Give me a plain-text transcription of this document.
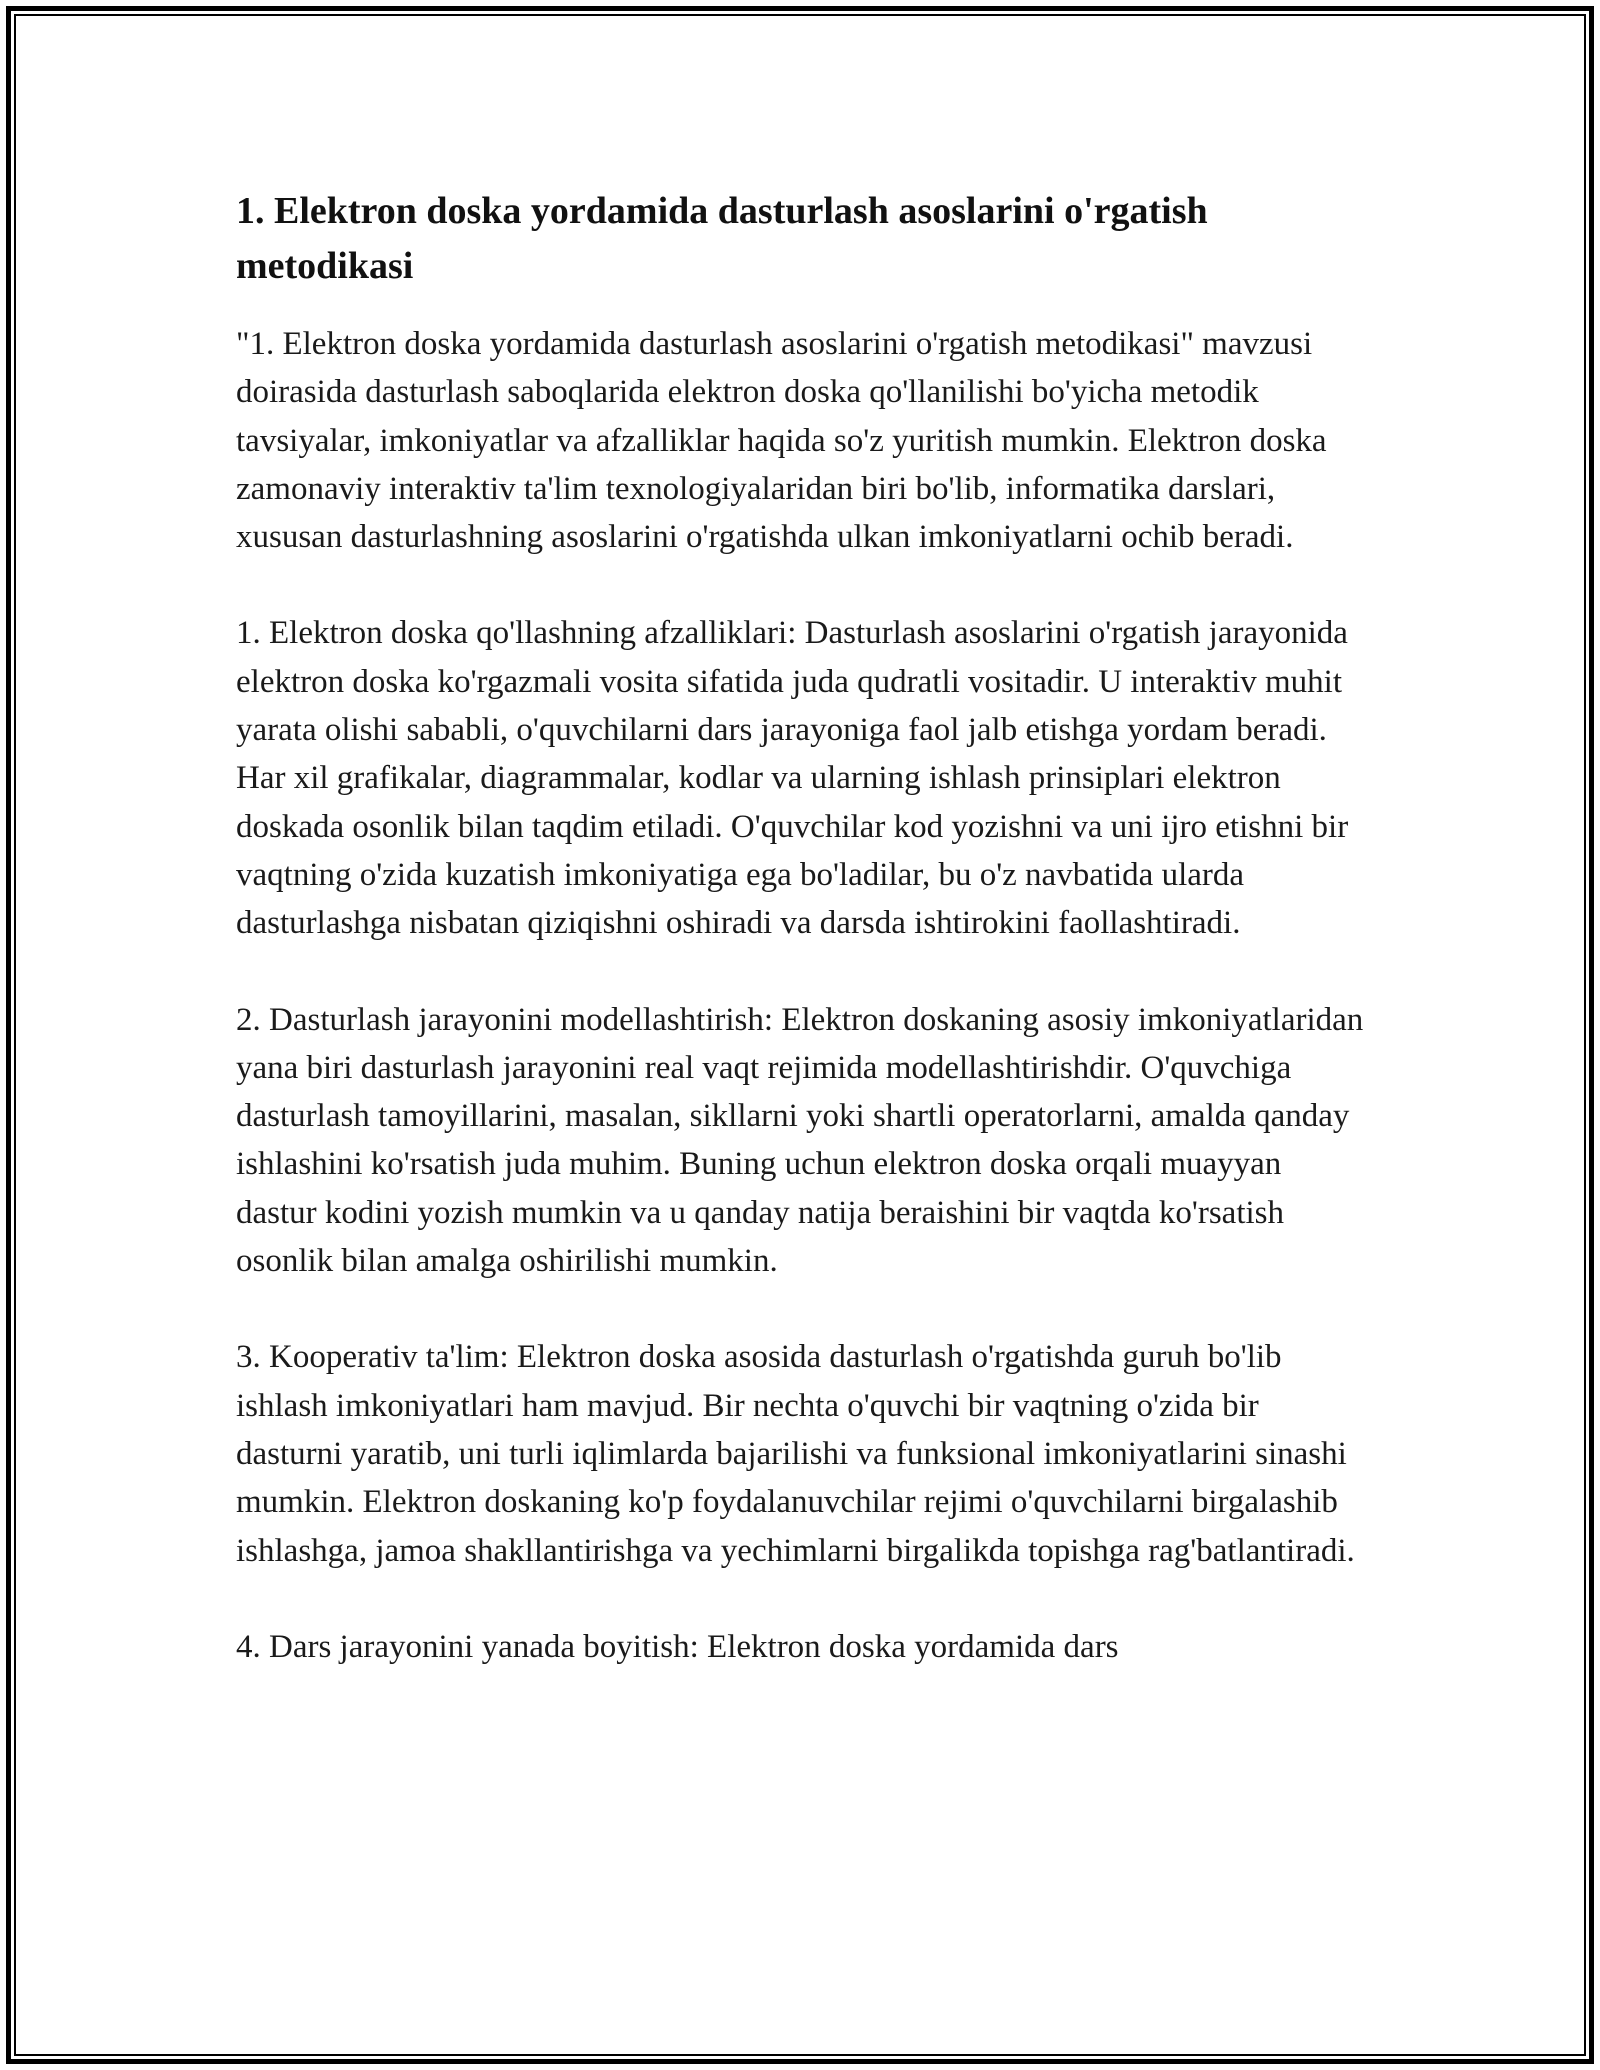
1. Elektron doska yordamida dasturlash asoslarini o'rgatish metodikasi

"1. Elektron doska yordamida dasturlash asoslarini o'rgatish metodikasi" mavzusi doirasida dasturlash saboqlarida elektron doska qo'llanilishi bo'yicha metodik tavsiyalar, imkoniyatlar va afzalliklar haqida so'z yuritish mumkin. Elektron doska zamonaviy interaktiv ta'lim texnologiyalaridan biri bo'lib, informatika darslari, xususan dasturlashning asoslarini o'rgatishda ulkan imkoniyatlarni ochib beradi.

1. Elektron doska qo'llashning afzalliklari: Dasturlash asoslarini o'rgatish jarayonida elektron doska ko'rgazmali vosita sifatida juda qudratli vositadir. U interaktiv muhit yarata olishi sababli, o'quvchilarni dars jarayoniga faol jalb etishga yordam beradi. Har xil grafikalar, diagrammalar, kodlar va ularning ishlash prinsiplari elektron doskada osonlik bilan taqdim etiladi. O'quvchilar kod yozishni va uni ijro etishni bir vaqtning o'zida kuzatish imkoniyatiga ega bo'ladilar, bu o'z navbatida ularda dasturlashga nisbatan qiziqishni oshiradi va darsda ishtirokini faollashtiradi.

2. Dasturlash jarayonini modellashtirish: Elektron doskaning asosiy imkoniyatlaridan yana biri dasturlash jarayonini real vaqt rejimida modellashtirishdir. O'quvchiga dasturlash tamoyillarini, masalan, sikllarni yoki shartli operatorlarni, amalda qanday ishlashini ko'rsatish juda muhim. Buning uchun elektron doska orqali muayyan dastur kodini yozish mumkin va u qanday natija beraishini bir vaqtda ko'rsatish osonlik bilan amalga oshirilishi mumkin.

3. Kooperativ ta'lim: Elektron doska asosida dasturlash o'rgatishda guruh bo'lib ishlash imkoniyatlari ham mavjud. Bir nechta o'quvchi bir vaqtning o'zida bir dasturni yaratib, uni turli iqlimlarda bajarilishi va funksional imkoniyatlarini sinashi mumkin. Elektron doskaning ko'p foydalanuvchilar rejimi o'quvchilarni birgalashib ishlashga, jamoa shakllantirishga va yechimlarni birgalikda topishga rag'batlantiradi.

4. Dars jarayonini yanada boyitish: Elektron doska yordamida dars
